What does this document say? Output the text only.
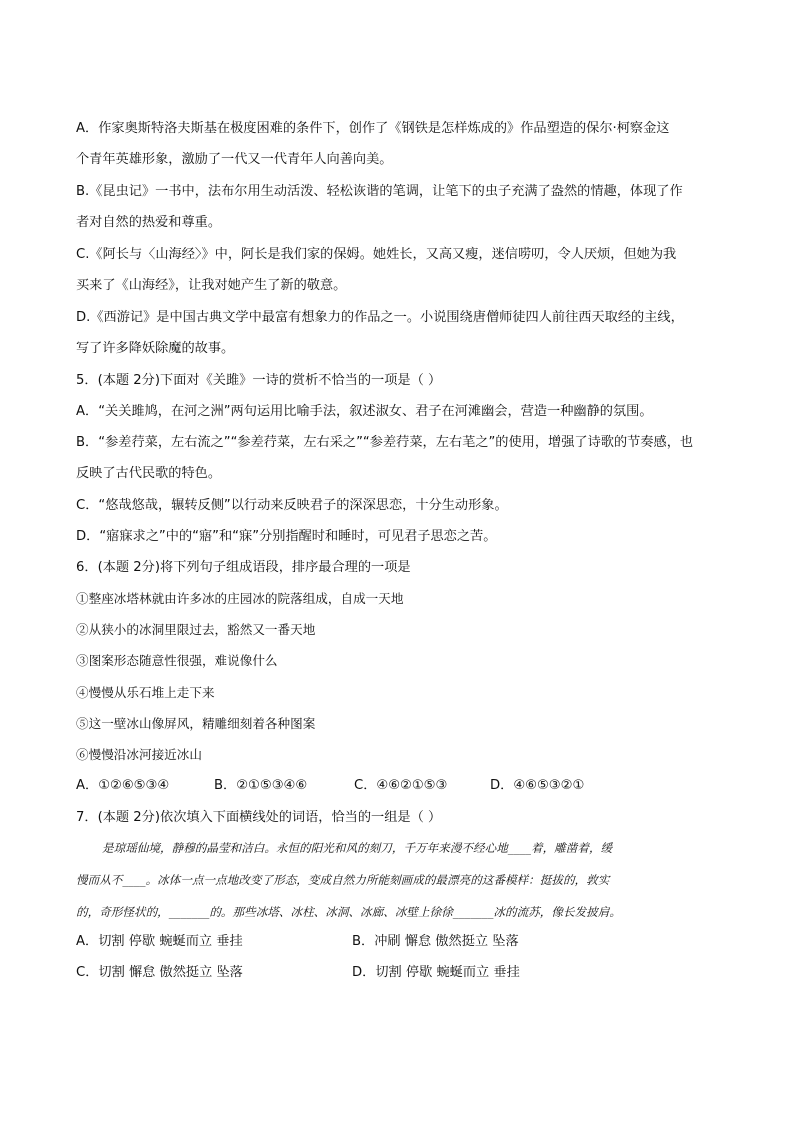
A．作家奥斯特洛夫斯基在极度困难的条件下，创作了《钢铁是怎样炼成的》作品塑造的保尔·柯察金这
个青年英雄形象，激励了一代又一代青年人向善向美。
B.《昆虫记》一书中，法布尔用生动活泼、轻松诙谐的笔调，让笔下的虫子充满了盎然的情趣，体现了作
者对自然的热爱和尊重。
C.《阿长与〈山海经〉》中，阿长是我们家的保姆。她姓长，又高又瘦，迷信唠叨，令人厌烦，但她为我
买来了《山海经》，让我对她产生了新的敬意。
D.《西游记》是中国古典文学中最富有想象力的作品之一。小说围绕唐僧师徒四人前往西天取经的主线，
写了许多降妖除魔的故事。
5．(本题 2分)下面对《关雎》一诗的赏析不恰当的一项是（ ）
A．“关关雎鸠，在河之洲”两句运用比喻手法，叙述淑女、君子在河滩幽会，营造一种幽静的氛围。
B．“参差荇菜，左右流之”“参差荇菜，左右采之”“参差荇菜，左右芼之”的使用，增强了诗歌的节奏感，也
反映了古代民歌的特色。
C．“悠哉悠哉，辗转反侧”以行动来反映君子的深深思恋，十分生动形象。
D．“寤寐求之”中的“寤”和“寐”分别指醒时和睡时，可见君子思恋之苦。
6．(本题 2分)将下列句子组成语段，排序最合理的一项是
①整座冰塔林就由许多冰的庄园冰的院落组成，自成一天地
②从狭小的冰洞里限过去，豁然又一番天地
③图案形态随意性很强，难说像什么
④慢慢从乐石堆上走下来
⑤这一壁冰山像屏风，精雕细刻着各种图案
⑥慢慢沿冰河接近冰山
A．①②⑥⑤③④	B．②①⑤③④⑥	C．④⑥②①⑤③	D．④⑥⑤③②①
7．(本题 2分)依次填入下面横线处的词语，恰当的一组是（ ）
是琼瑶仙境，静穆的晶莹和洁白。永恒的阳光和风的刻刀，千万年来漫不经心地____着，雕凿着，缓
慢而从不____。冰体一点一点地改变了形态，变成自然力所能刻画成的最漂亮的这番模样：挺拔的，敦实
的，奇形怪状的，_______的。那些冰塔、冰柱、冰洞、冰廊、冰壁上徐徐_______冰的流苏，像长发披肩。
A．切割 停歇 蜿蜒而立 垂挂	B．冲刷 懈怠 傲然挺立 坠落
C．切割 懈怠 傲然挺立 坠落	D．切割 停歇 蜿蜒而立 垂挂
